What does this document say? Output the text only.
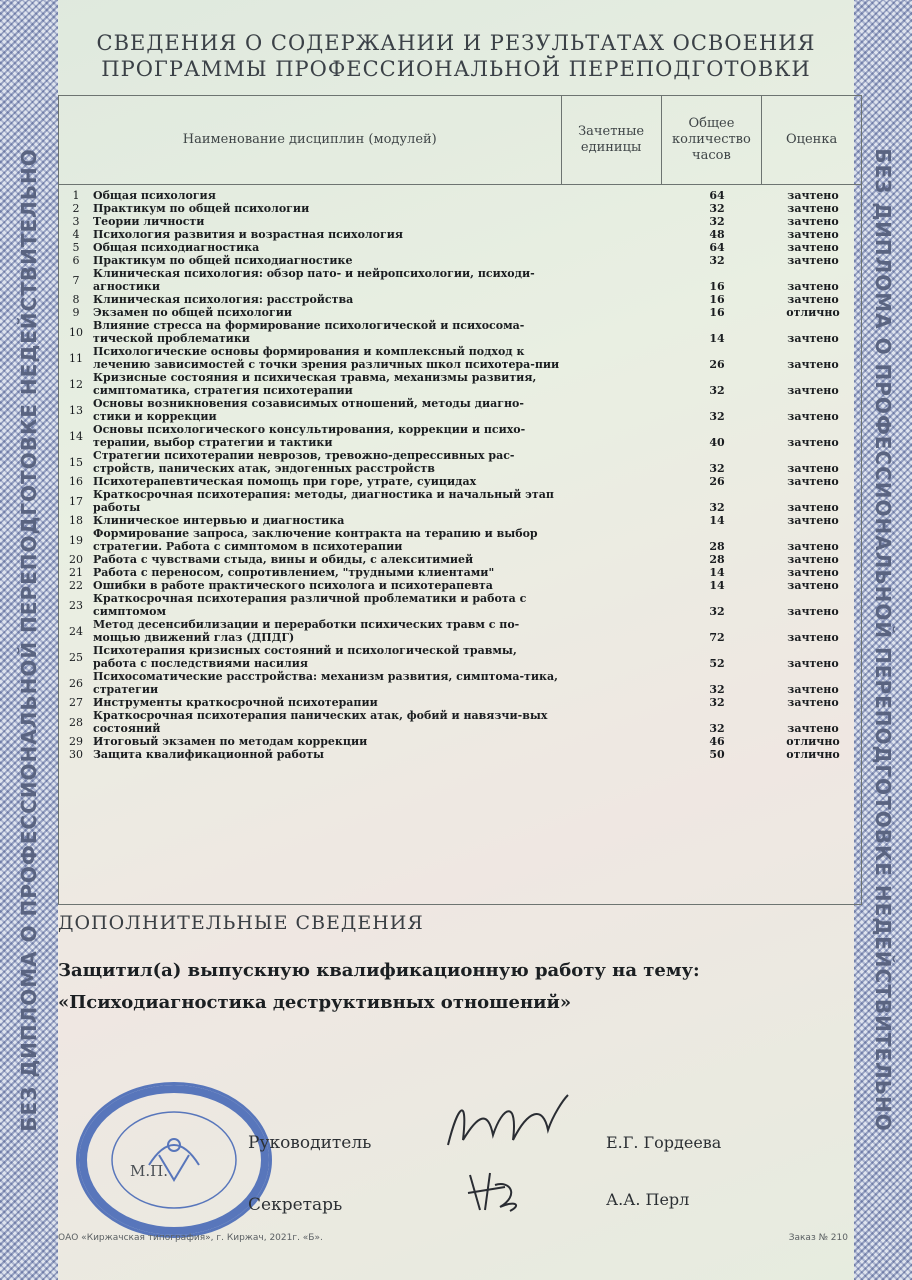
БЕЗ ДИПЛОМА О ПРОФЕССИОНАЛЬНОЙ ПЕРЕПОДГОТОВКЕ НЕДЕЙСТВИТЕЛЬНО	БЕЗ ДИПЛОМА О ПРОФЕССИОНАЛЬНОЙ ПЕРЕПОДГОТОВКЕ НЕДЕЙСТВИТЕЛЬНО
СВЕДЕНИЯ О СОДЕРЖАНИИ И РЕЗУЛЬТАТАХ ОСВОЕНИЯ
ПРОГРАММЫ ПРОФЕССИОНАЛЬНОЙ ПЕРЕПОДГОТОВКИ
Наименование дисциплин (модулей)	Зачетные единицы	Общее количество часов	Оценка

1	Общая психология	64	зачтено
2	Практикум по общей психологии	32	зачтено
3	Теории личности	32	зачтено
4	Психология развития и возрастная психология	48	зачтено
5	Общая психодиагностика	64	зачтено
6	Практикум по общей психодиагностике	32	зачтено
7	Клиническая психология: обзор пато- и нейропсихологии, психоди-агностики	16	зачтено
8	Клиническая психология: расстройства	16	зачтено
9	Экзамен по общей психологии	16	отлично
10 Влияние стресса на формирование психологической и психосома-тической проблематики	14	зачтено
11 Психологические основы формирования и комплексный подход к лечению зависимостей с точки зрения различных школ психотера-пии	26	зачтено
12 Кризисные состояния и психическая травма, механизмы развития, симптоматика, стратегия психотерапии	32	зачтено
13 Основы возникновения созависимых отношений, методы диагно-стики и коррекции	32	зачтено
14 Основы психологического консультирования, коррекции и психо-терапии, выбор стратегии и тактики	40	зачтено
15 Стратегии психотерапии неврозов, тревожно-депрессивных рас-стройств, панических атак, эндогенных расстройств	32	зачтено
16 Психотерапевтическая помощь при горе, утрате, суицидах	26	зачтено
17 Краткосрочная психотерапия: методы, диагностика и начальный этап работы	32	зачтено
18 Клиническое интервью и диагностика	14	зачтено
19 Формирование запроса, заключение контракта на терапию и выбор стратегии. Работа с симптомом в психотерапии	28	зачтено
20 Работа с чувствами стыда, вины и обиды, с алекситимией	28	зачтено
21 Работа с переносом, сопротивлением, "трудными клиентами"	14	зачтено
22 Ошибки в работе практического психолога и психотерапевта	14	зачтено
23 Краткосрочная психотерапия различной проблематики и работа с симптомом	32	зачтено
24 Метод десенсибилизации и переработки психических травм с по-мощью движений глаз (ДПДГ)	72	зачтено
25 Психотерапия кризисных состояний и психологической травмы, работа с последствиями насилия	52	зачтено
26 Психосоматические расстройства: механизм развития, симптома-тика, стратегии	32	зачтено
27 Инструменты краткосрочной психотерапии	32	зачтено
28 Краткосрочная психотерапия панических атак, фобий и навязчи-вых состояний	32	зачтено
29 Итоговый экзамен по методам коррекции	46	отлично
30 Защита квалификационной работы	50	отлично
ДОПОЛНИТЕЛЬНЫЕ СВЕДЕНИЯ
Защитил(а) выпускную квалификационную работу на тему: «Психодиагностика деструктивных отношений»
М.П.
Руководитель	Е.Г. Гордеева
Секретарь	А.А. Перл
ОАО «Киржачская типография», г. Киржач, 2021г. «Б».	Заказ № 210
